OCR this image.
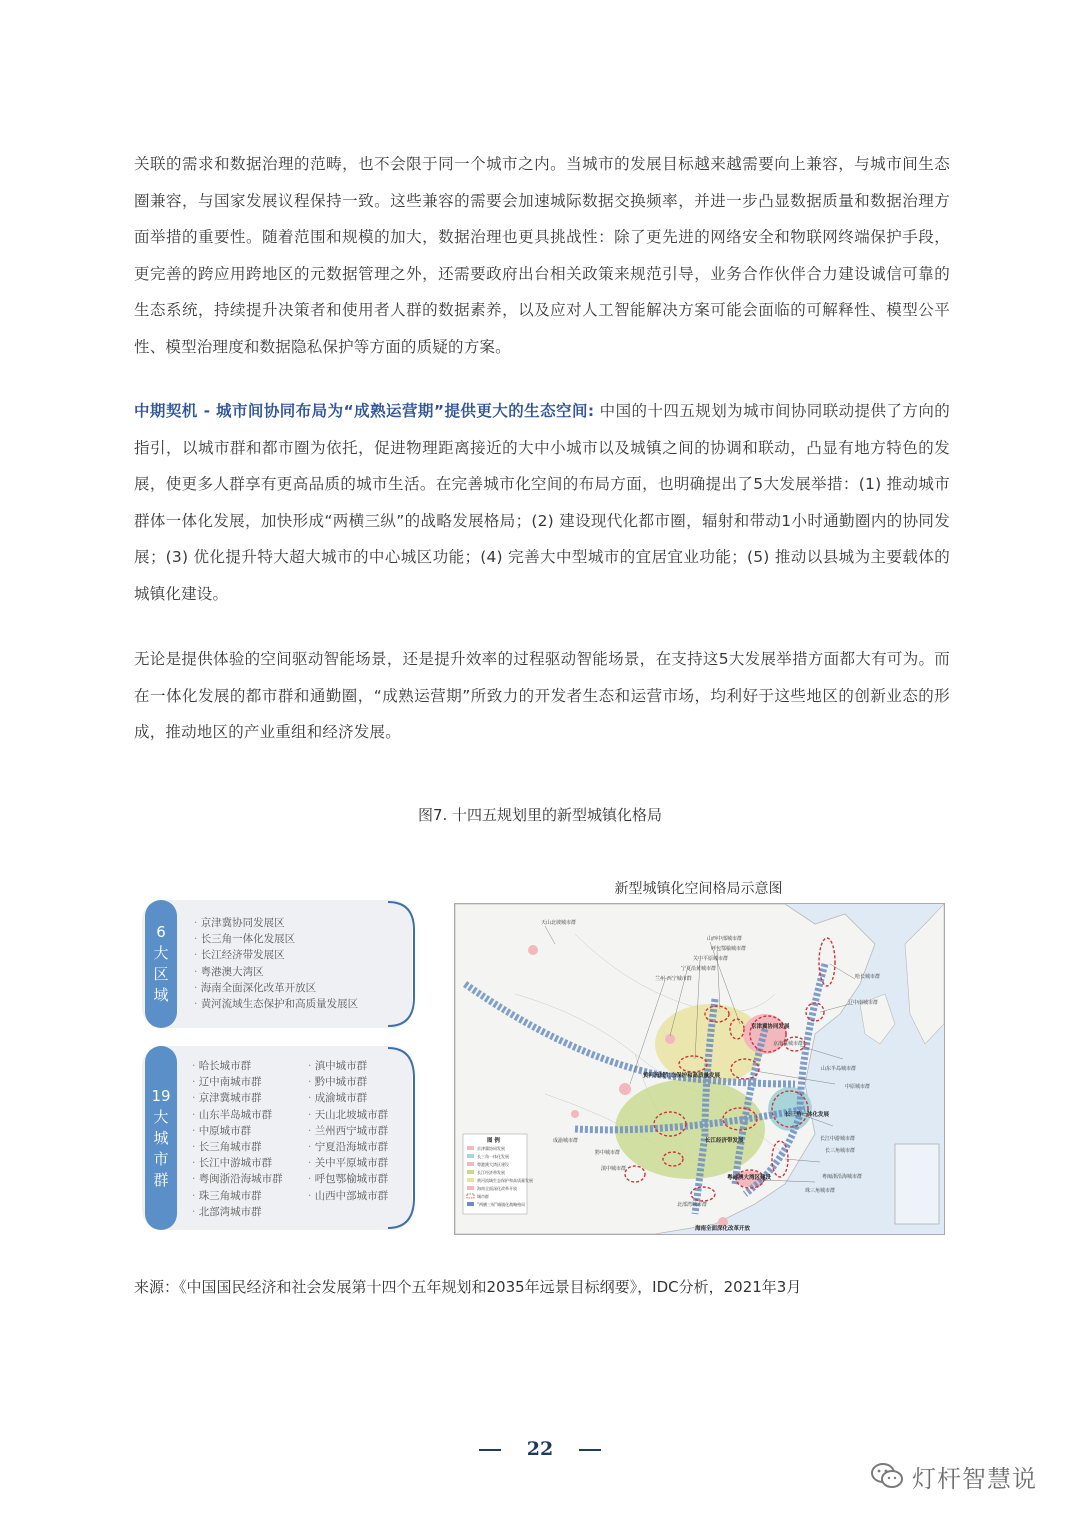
关联的需求和数据治理的范畴，也不会限于同一个城市之内。当城市的发展目标越来越需要向上兼容，与城市间生态圈兼容，与国家发展议程保持一致。这些兼容的需要会加速城际数据交换频率，并进一步凸显数据质量和数据治理方面举措的重要性。随着范围和规模的加大，数据治理也更具挑战性：除了更先进的网络安全和物联网终端保护手段，更完善的跨应用跨地区的元数据管理之外，还需要政府出台相关政策来规范引导，业务合作伙伴合力建设诚信可靠的生态系统，持续提升决策者和使用者人群的数据素养，以及应对人工智能解决方案可能会面临的可解释性、模型公平性、模型治理度和数据隐私保护等方面的质疑的方案。

中期契机 - 城市间协同布局为“成熟运营期”提供更大的生态空间: 中国的十四五规划为城市间协同联动提供了方向的指引，以城市群和都市圈为依托，促进物理距离接近的大中小城市以及城镇之间的协调和联动，凸显有地方特色的发展，使更多人群享有更高品质的城市生活。在完善城市化空间的布局方面，也明确提出了5大发展举措：(1) 推动城市群体一体化发展，加快形成“两横三纵”的战略发展格局；(2) 建设现代化都市圈，辐射和带动1小时通勤圈内的协同发展；(3) 优化提升特大超大城市的中心城区功能；(4) 完善大中型城市的宜居宜业功能；(5) 推动以县城为主要载体的城镇化建设。

无论是提供体验的空间驱动智能场景，还是提升效率的过程驱动智能场景，在支持这5大发展举措方面都大有可为。而在一体化发展的都市群和通勤圈，“成熟运营期”所致力的开发者生态和运营市场，均利好于这些地区的创新业态的形成，推动地区的产业重组和经济发展。

图7. 十四五规划里的新型城镇化格局
6
大
区
域
· 京津冀协同发展区
· 长三角一体化发展区
· 长江经济带发展区
· 粤港澳大湾区
· 海南全面深化改革开放区
· 黄河流域生态保护和高质量发展区
19
大
城
市
群
· 哈长城市群
· 辽中南城市群
· 京津冀城市群
· 山东半岛城市群
· 中原城市群
· 长三角城市群
· 长江中游城市群
· 粤闽浙沿海城市群
· 珠三角城市群
· 北部湾城市群
· 滇中城市群
· 黔中城市群
· 成渝城市群
· 天山北坡城市群
· 兰州西宁城市群
· 宁夏沿海城市群
· 关中平原城市群
· 呼包鄂榆城市群
· 山西中部城市群
新型城镇化空间格局示意图
天山北坡城市群
山西中部城市群
呼包鄂榆城市群
关中平原城市群
宁夏沿黄城市群
兰州-西宁城市群	哈长城市群
辽中南城市群
京津冀协同发展
京津冀城市群
山东半岛城市群
黄河流域生态保护和高质量发展
中原城市群
长三角一体化发展
长江经济带发展
成渝城市群
黔中城市群
滇中城市群
长江中游城市群
长三角城市群
粤港澳大湾区建设	粤闽浙沿海城市群
珠三角城市群
北部湾城市群
海南全面深化改革开放
图 例
京津冀协同发展
长三角一体化发展
粤港澳大湾区建设
长江经济带发展
黄河流域生态保护和高质量发展
海南全面深化改革开放
城市群
“两横三纵”城镇化战略格局

来源：《中国国民经济和社会发展第十四个五年规划和2035年远景目标纲要》，IDC分析，2021年3月

22
灯杆智慧说
